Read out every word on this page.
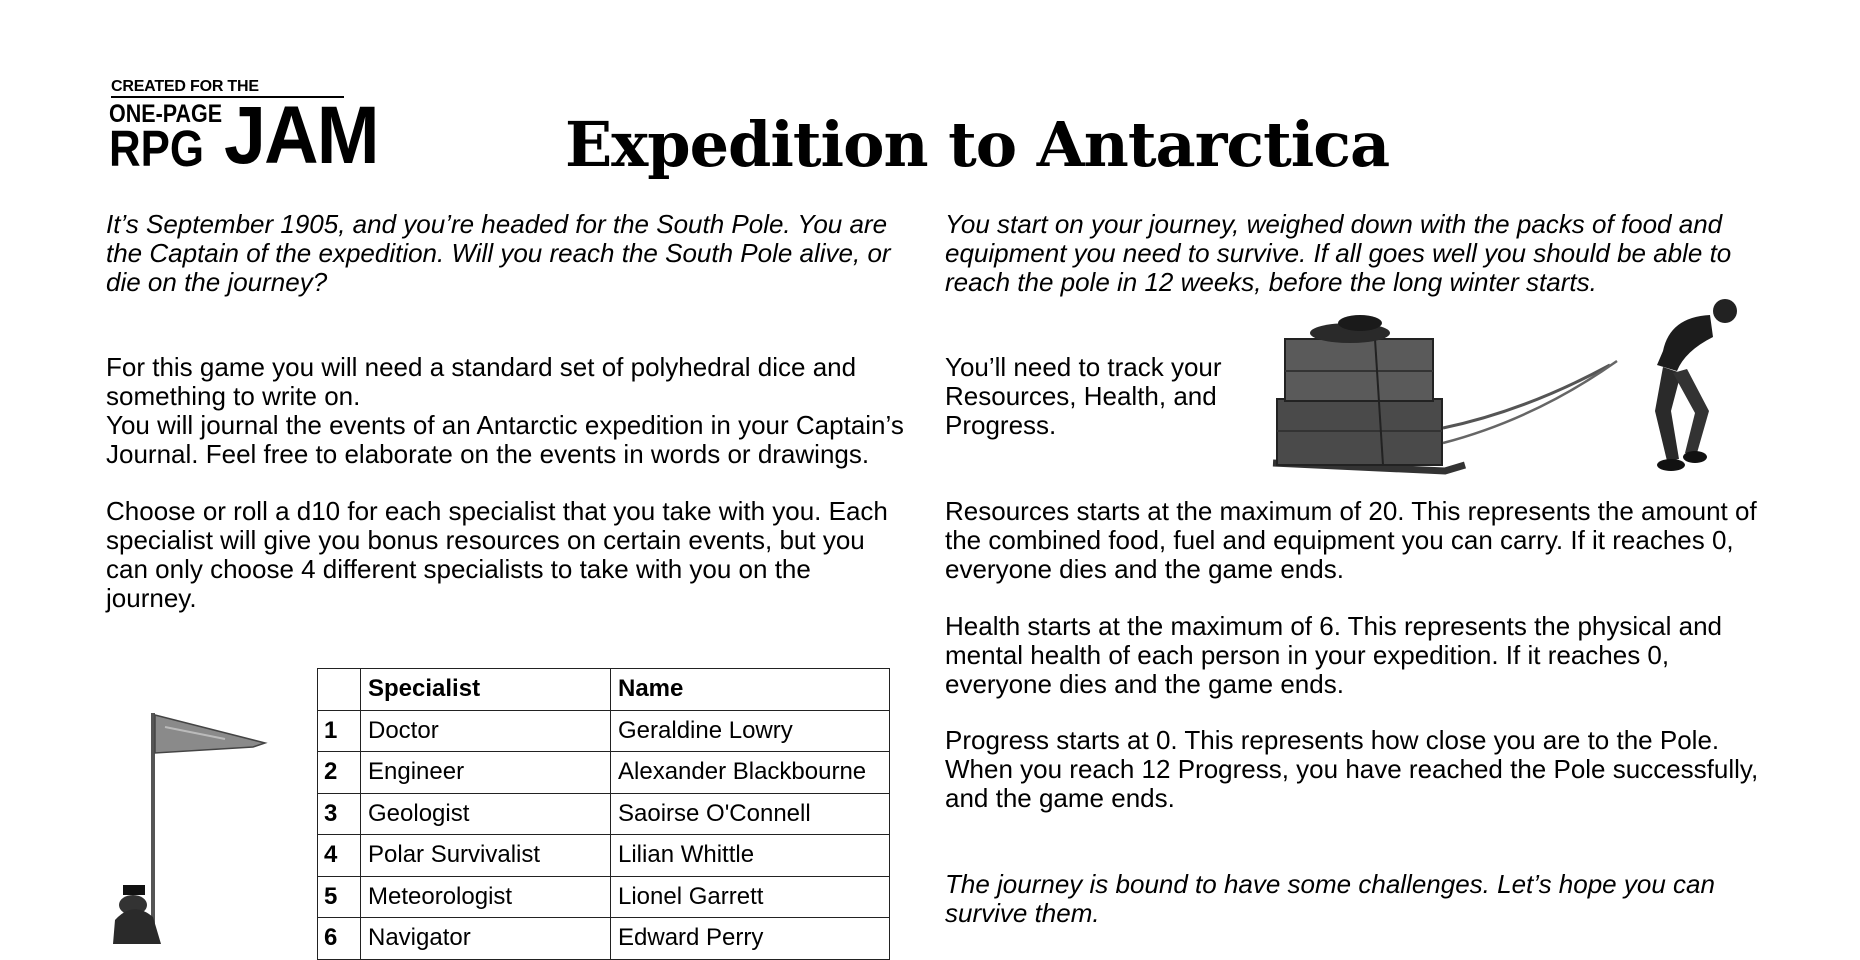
CREATED FOR THE
ONE-PAGE
RPG JAM	Expedition to Antarctica

It’s September 1905, and you’re headed for the South Pole. You are the Captain of the expedition. Will you reach the South Pole alive, or die on the journey?

For this game you will need a standard set of polyhedral dice and something to write on.

You will journal the events of an Antarctic expedition in your Captain’s Journal. Feel free to elaborate on the events in words or drawings.

Choose or roll a d10 for each specialist that you take with you. Each specialist will give you bonus resources on certain events, but you can only choose 4 different specialists to take with you on the journey.

	Specialist	Name
1	Doctor	Geraldine Lowry
2	Engineer	Alexander Blackbourne
3	Geologist	Saoirse O'Connell
4	Polar Survivalist	Lilian Whittle
5	Meteorologist	Lionel Garrett
6	Navigator	Edward Perry

You start on your journey, weighed down with the packs of food and equipment you need to survive. If all goes well you should be able to reach the pole in 12 weeks, before the long winter starts.

You’ll need to track your Resources, Health, and Progress.

Resources starts at the maximum of 20. This represents the amount of the combined food, fuel and equipment you can carry. If it reaches 0, everyone dies and the game ends.

Health starts at the maximum of 6. This represents the physical and mental health of each person in your expedition. If it reaches 0, everyone dies and the game ends.

Progress starts at 0. This represents how close you are to the Pole. When you reach 12 Progress, you have reached the Pole successfully, and the game ends.

The journey is bound to have some challenges. Let’s hope you can survive them.
